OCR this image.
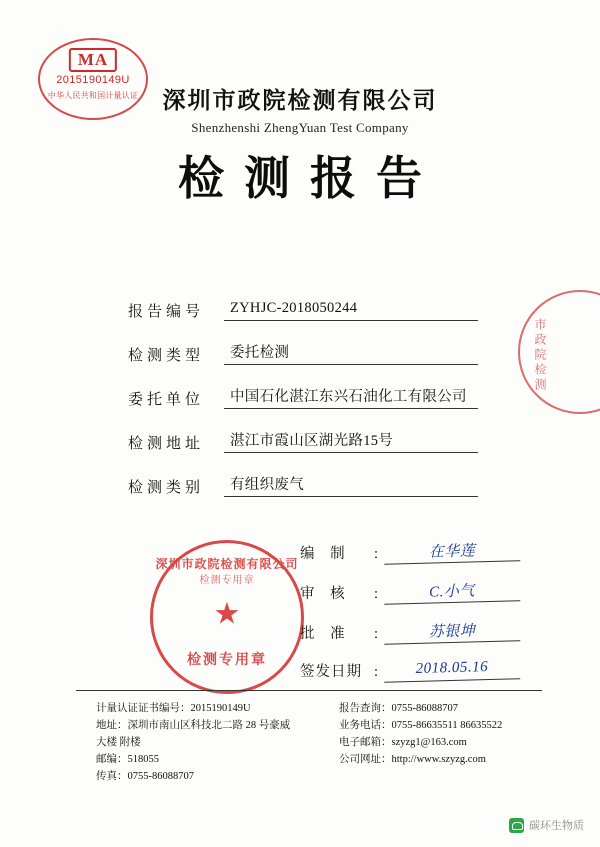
MA
2015190149U
中华人民共和国计量认证
市政院检测
深圳市政院检测有限公司
Shenzhenshi ZhengYuan Test Company
检测报告
报告编号	ZYHJC-2018050244
检测类型	委托检测
委托单位	中国石化湛江东兴石油化工有限公司
检测地址	湛江市霞山区湖光路15号
检测类别	有组织废气
深圳市政院检测有限公司
检测专用章
★
检测专用章
编 制	:	在华莲
审 核	:	C.小气
批 准	:	苏银坤
签发日期 :	2018.05.16
计量认证证书编号：2015190149U
地址：深圳市南山区科技北二路 28 号豪威
大楼 附楼
邮编：518055
传真：0755-86088707
报告查询：0755-86088707
业务电话：0755-86635511 86635522
电子邮箱：szyzg1@163.com
公司网址：http://www.szyzg.com
碳环生物质
